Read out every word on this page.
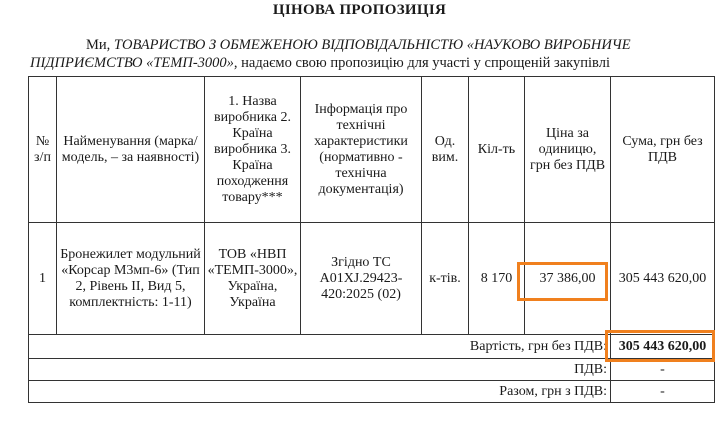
ЦІНОВА ПРОПОЗИЦІЯ
Ми, ТОВАРИСТВО З ОБМЕЖЕНОЮ ВІДПОВІДАЛЬНІСТЮ «НАУКОВО ВИРОБНИЧЕ ПІДПРИЄМСТВО «ТЕМП-3000», надаємо свою пропозицію для участі у спрощеній закупівлі
№ з/п	Найменування (марка/модель, – за наявності)	1. Назва виробника 2. Країна виробника 3. Країна походження товару***	Інформація про технічні характеристики (нормативно - технічна документація)	Од. вим.	Кіл-ть	Ціна за одиницю, грн без ПДВ	Сума, грн без ПДВ
1	Бронежилет модульний «Корсар М3мп-6» (Тип 2, Рівень II, Вид 5, комплектність: 1-11)	ТОВ «НВП «ТЕМП-3000», Україна, Україна	Згідно ТС А01ХJ.29423-420:2025 (02)	к-тів.	8 170	37 386,00	305 443 620,00
Вартість, грн без ПДВ:							305 443 620,00
ПДВ:							-
Разом, грн з ПДВ:							-
